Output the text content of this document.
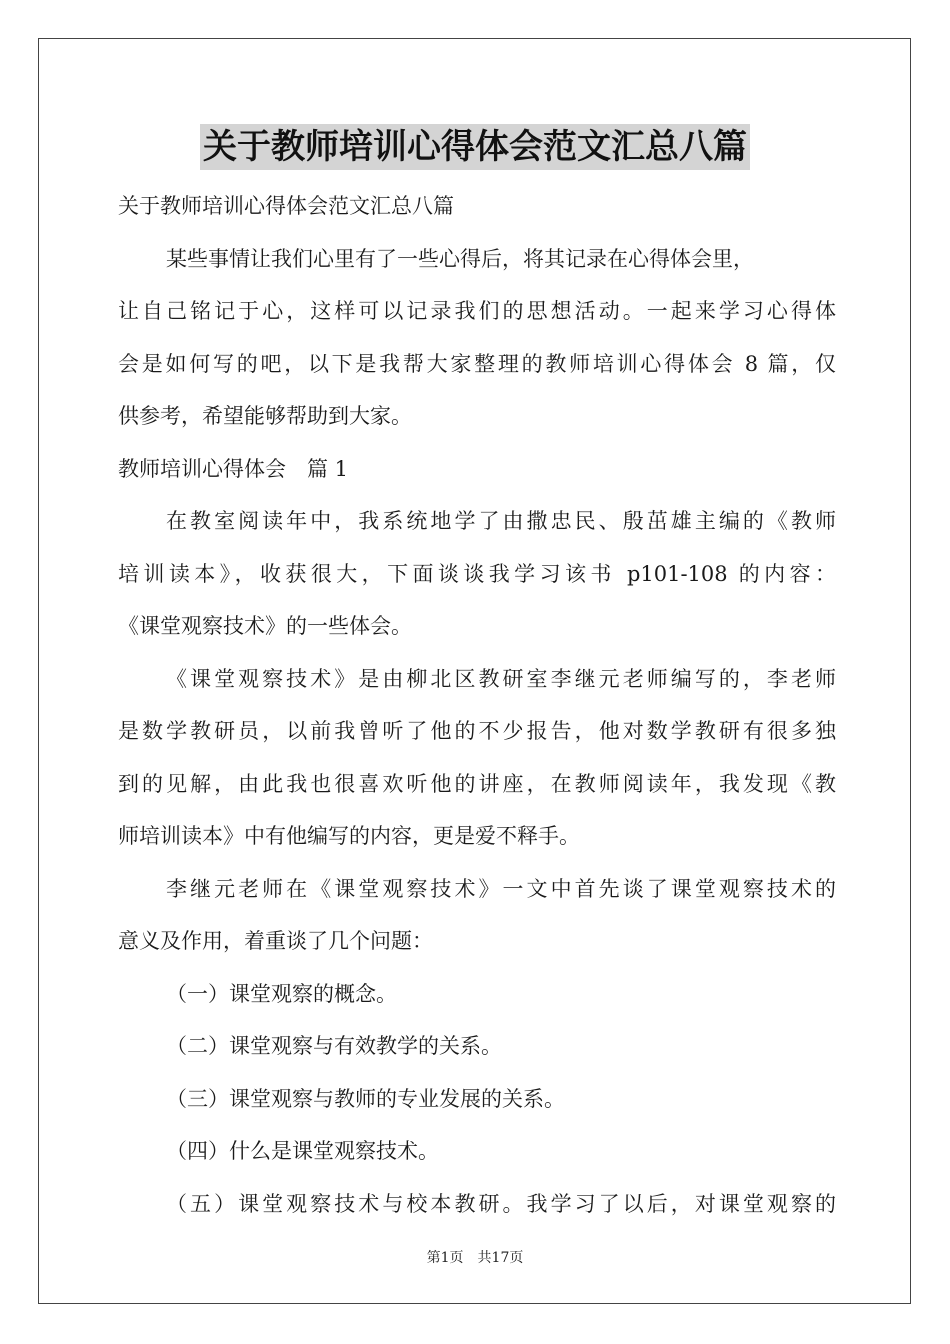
关于教师培训心得体会范文汇总八篇
关于教师培训心得体会范文汇总八篇
某些事情让我们心里有了一些心得后，将其记录在心得体会里，
让自己铭记于心，这样可以记录我们的思想活动。一起来学习心得体
会是如何写的吧，以下是我帮大家整理的教师培训心得体会 8 篇，仅
供参考，希望能够帮助到大家。
教师培训心得体会　篇 1
在教室阅读年中，我系统地学了由撒忠民、殷茁雄主编的《教师
培训读本》，收获很大，下面谈谈我学习该书 p101-108 的内容：
《课堂观察技术》的一些体会。
《课堂观察技术》是由柳北区教研室李继元老师编写的，李老师
是数学教研员，以前我曾听了他的不少报告，他对数学教研有很多独
到的见解，由此我也很喜欢听他的讲座，在教师阅读年，我发现《教
师培训读本》中有他编写的内容，更是爱不释手。
李继元老师在《课堂观察技术》一文中首先谈了课堂观察技术的
意义及作用，着重谈了几个问题：
（一）课堂观察的概念。
（二）课堂观察与有效教学的关系。
（三）课堂观察与教师的专业发展的关系。
（四）什么是课堂观察技术。
（五）课堂观察技术与校本教研。我学习了以后，对课堂观察的
第1页　共17页
